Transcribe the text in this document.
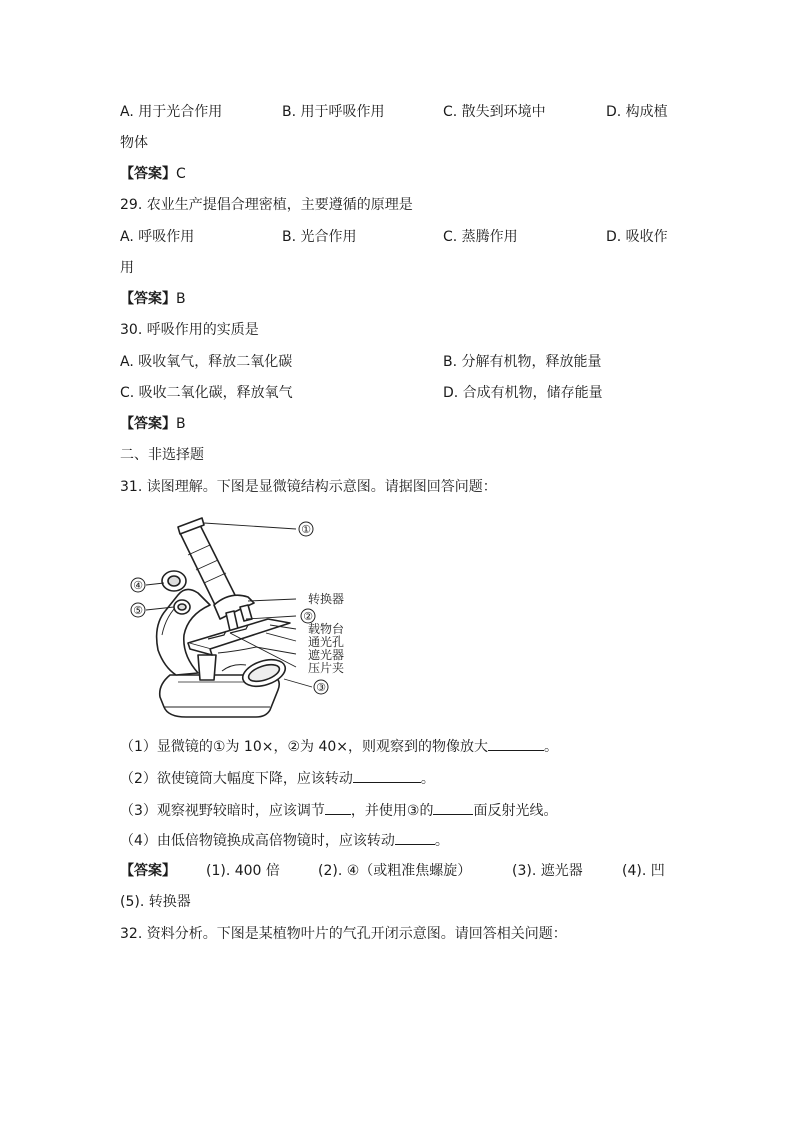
A. 用于光合作用	B. 用于呼吸作用	C. 散失到环境中	D. 构成植
物体
【答案】C
29. 农业生产提倡合理密植，主要遵循的原理是
A. 呼吸作用	B. 光合作用	C. 蒸腾作用	D. 吸收作
用
【答案】B
30. 呼吸作用的实质是
A. 吸收氧气，释放二氧化碳	B. 分解有机物，释放能量
C. 吸收二氧化碳，释放氧气	D. 合成有机物，储存能量
【答案】B
二、非选择题
31. 读图理解。下图是显微镜结构示意图。请据图回答问题：
①
④
⑤	②
③
转换器
载物台
通光孔
遮光器
压片夹
（1）显微镜的①为 10×，②为 40×，则观察到的物像放大	。
（2）欲使镜筒大幅度下降，应该转动	。
（3）观察视野较暗时，应该调节 ，并使用③的	面反射光线。
（4）由低倍物镜换成高倍物镜时，应该转动	。
【答案】 (1). 400 倍	(2). ④（或粗准焦螺旋）	(3). 遮光器	(4). 凹
(5). 转换器
32. 资料分析。下图是某植物叶片的气孔开闭示意图。请回答相关问题：
